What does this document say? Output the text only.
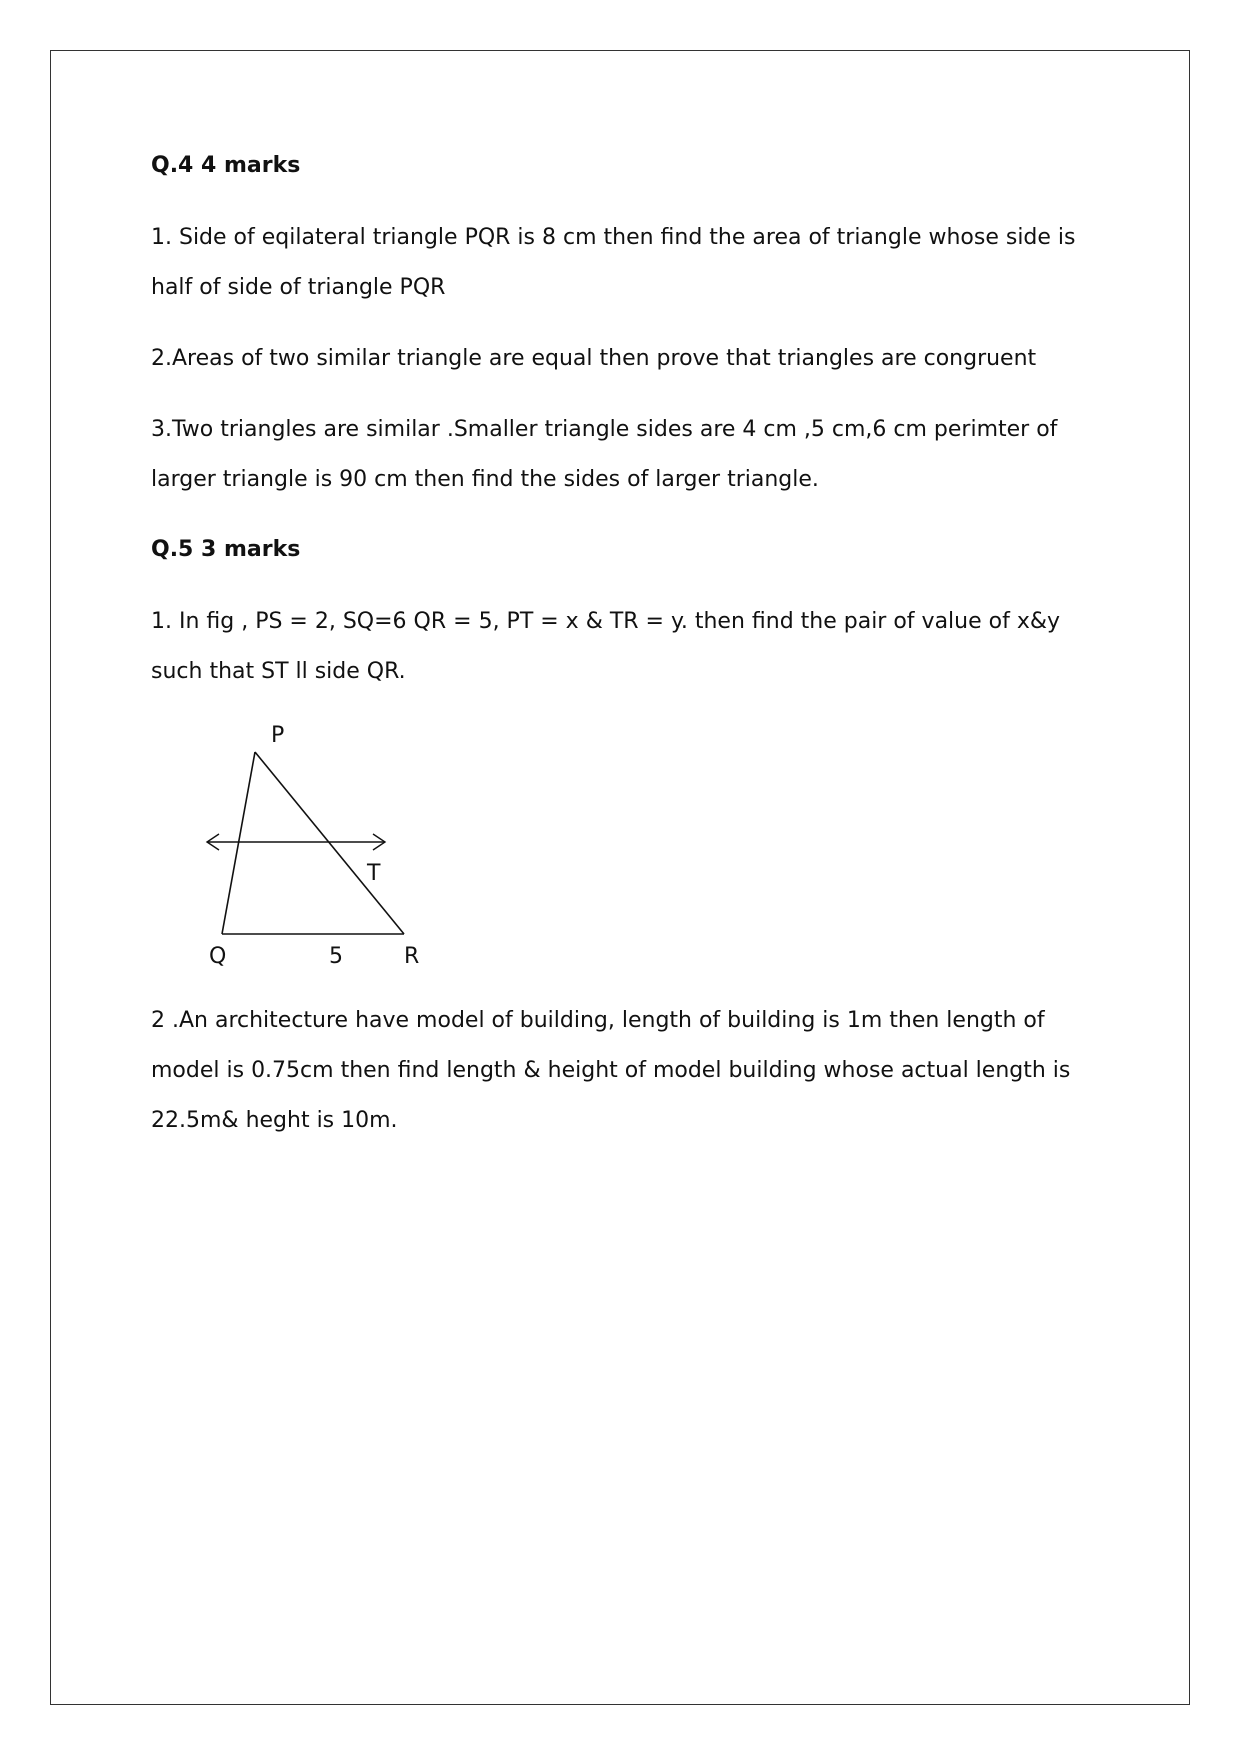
Q.4 4 marks

1. Side of eqilateral triangle PQR is 8 cm then find the area of triangle whose side is half of side of triangle PQR

2.Areas of two similar triangle are equal then prove that triangles are congruent

3.Two triangles are similar .Smaller triangle sides are 4 cm ,5 cm,6 cm perimter of larger triangle is 90 cm then find the sides of larger triangle.

Q.5 3 marks

1. In fig , PS = 2, SQ=6 QR = 5, PT = x & TR = y. then find the pair of value of x&y such that ST ll side QR.

2 .An architecture have model of building, length of building is 1m then length of model is 0.75cm then find length & height of model building whose actual length is 22.5m& heght is 10m.

P
T
Q	5	R
